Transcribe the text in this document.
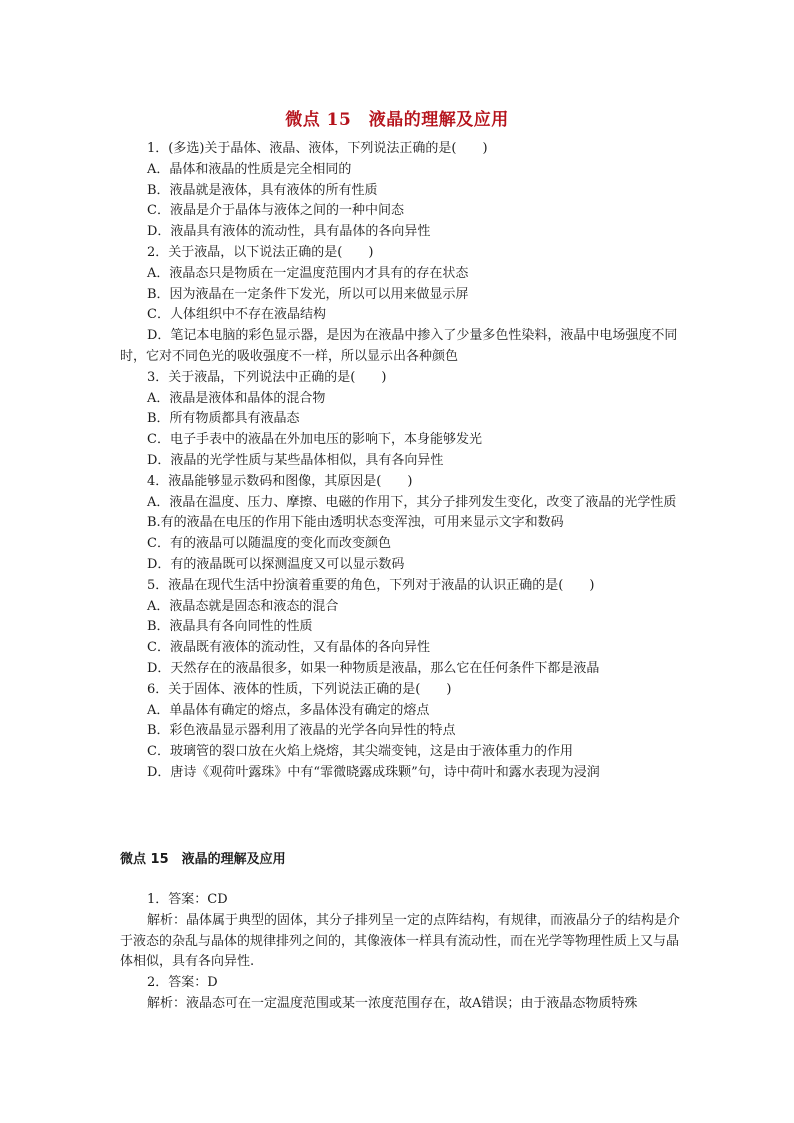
微点 15　液晶的理解及应用
1．(多选)关于晶体、液晶、液体，下列说法正确的是(　　)
A．晶体和液晶的性质是完全相同的
B．液晶就是液体，具有液体的所有性质
C．液晶是介于晶体与液体之间的一种中间态
D．液晶具有液体的流动性，具有晶体的各向异性
2．关于液晶，以下说法正确的是(　　)
A．液晶态只是物质在一定温度范围内才具有的存在状态
B．因为液晶在一定条件下发光，所以可以用来做显示屏
C．人体组织中不存在液晶结构
D．笔记本电脑的彩色显示器，是因为在液晶中掺入了少量多色性染料，液晶中电场强度不同时，它对不同色光的吸收强度不一样，所以显示出各种颜色
3．关于液晶，下列说法中正确的是(　　)
A．液晶是液体和晶体的混合物
B．所有物质都具有液晶态
C．电子手表中的液晶在外加电压的影响下，本身能够发光
D．液晶的光学性质与某些晶体相似，具有各向异性
4．液晶能够显示数码和图像，其原因是(　　)
A．液晶在温度、压力、摩擦、电磁的作用下，其分子排列发生变化，改变了液晶的光学性质
B.有的液晶在电压的作用下能由透明状态变浑浊，可用来显示文字和数码
C．有的液晶可以随温度的变化而改变颜色
D．有的液晶既可以探测温度又可以显示数码
5．液晶在现代生活中扮演着重要的角色，下列对于液晶的认识正确的是(　　)
A．液晶态就是固态和液态的混合
B．液晶具有各向同性的性质
C．液晶既有液体的流动性，又有晶体的各向异性
D．天然存在的液晶很多，如果一种物质是液晶，那么它在任何条件下都是液晶
6．关于固体、液体的性质，下列说法正确的是(　　)
A．单晶体有确定的熔点，多晶体没有确定的熔点
B．彩色液晶显示器利用了液晶的光学各向异性的特点
C．玻璃管的裂口放在火焰上烧熔，其尖端变钝，这是由于液体重力的作用
D．唐诗《观荷叶露珠》中有“霏微晓露成珠颗”句，诗中荷叶和露水表现为浸润
微点 15　液晶的理解及应用
1．答案：CD
解析：晶体属于典型的固体，其分子排列呈一定的点阵结构，有规律，而液晶分子的结构是介于液态的杂乱与晶体的规律排列之间的，其像液体一样具有流动性，而在光学等物理性质上又与晶体相似，具有各向异性.
2．答案：D
解析：液晶态可在一定温度范围或某一浓度范围存在，故A错误；由于液晶态物质特殊
